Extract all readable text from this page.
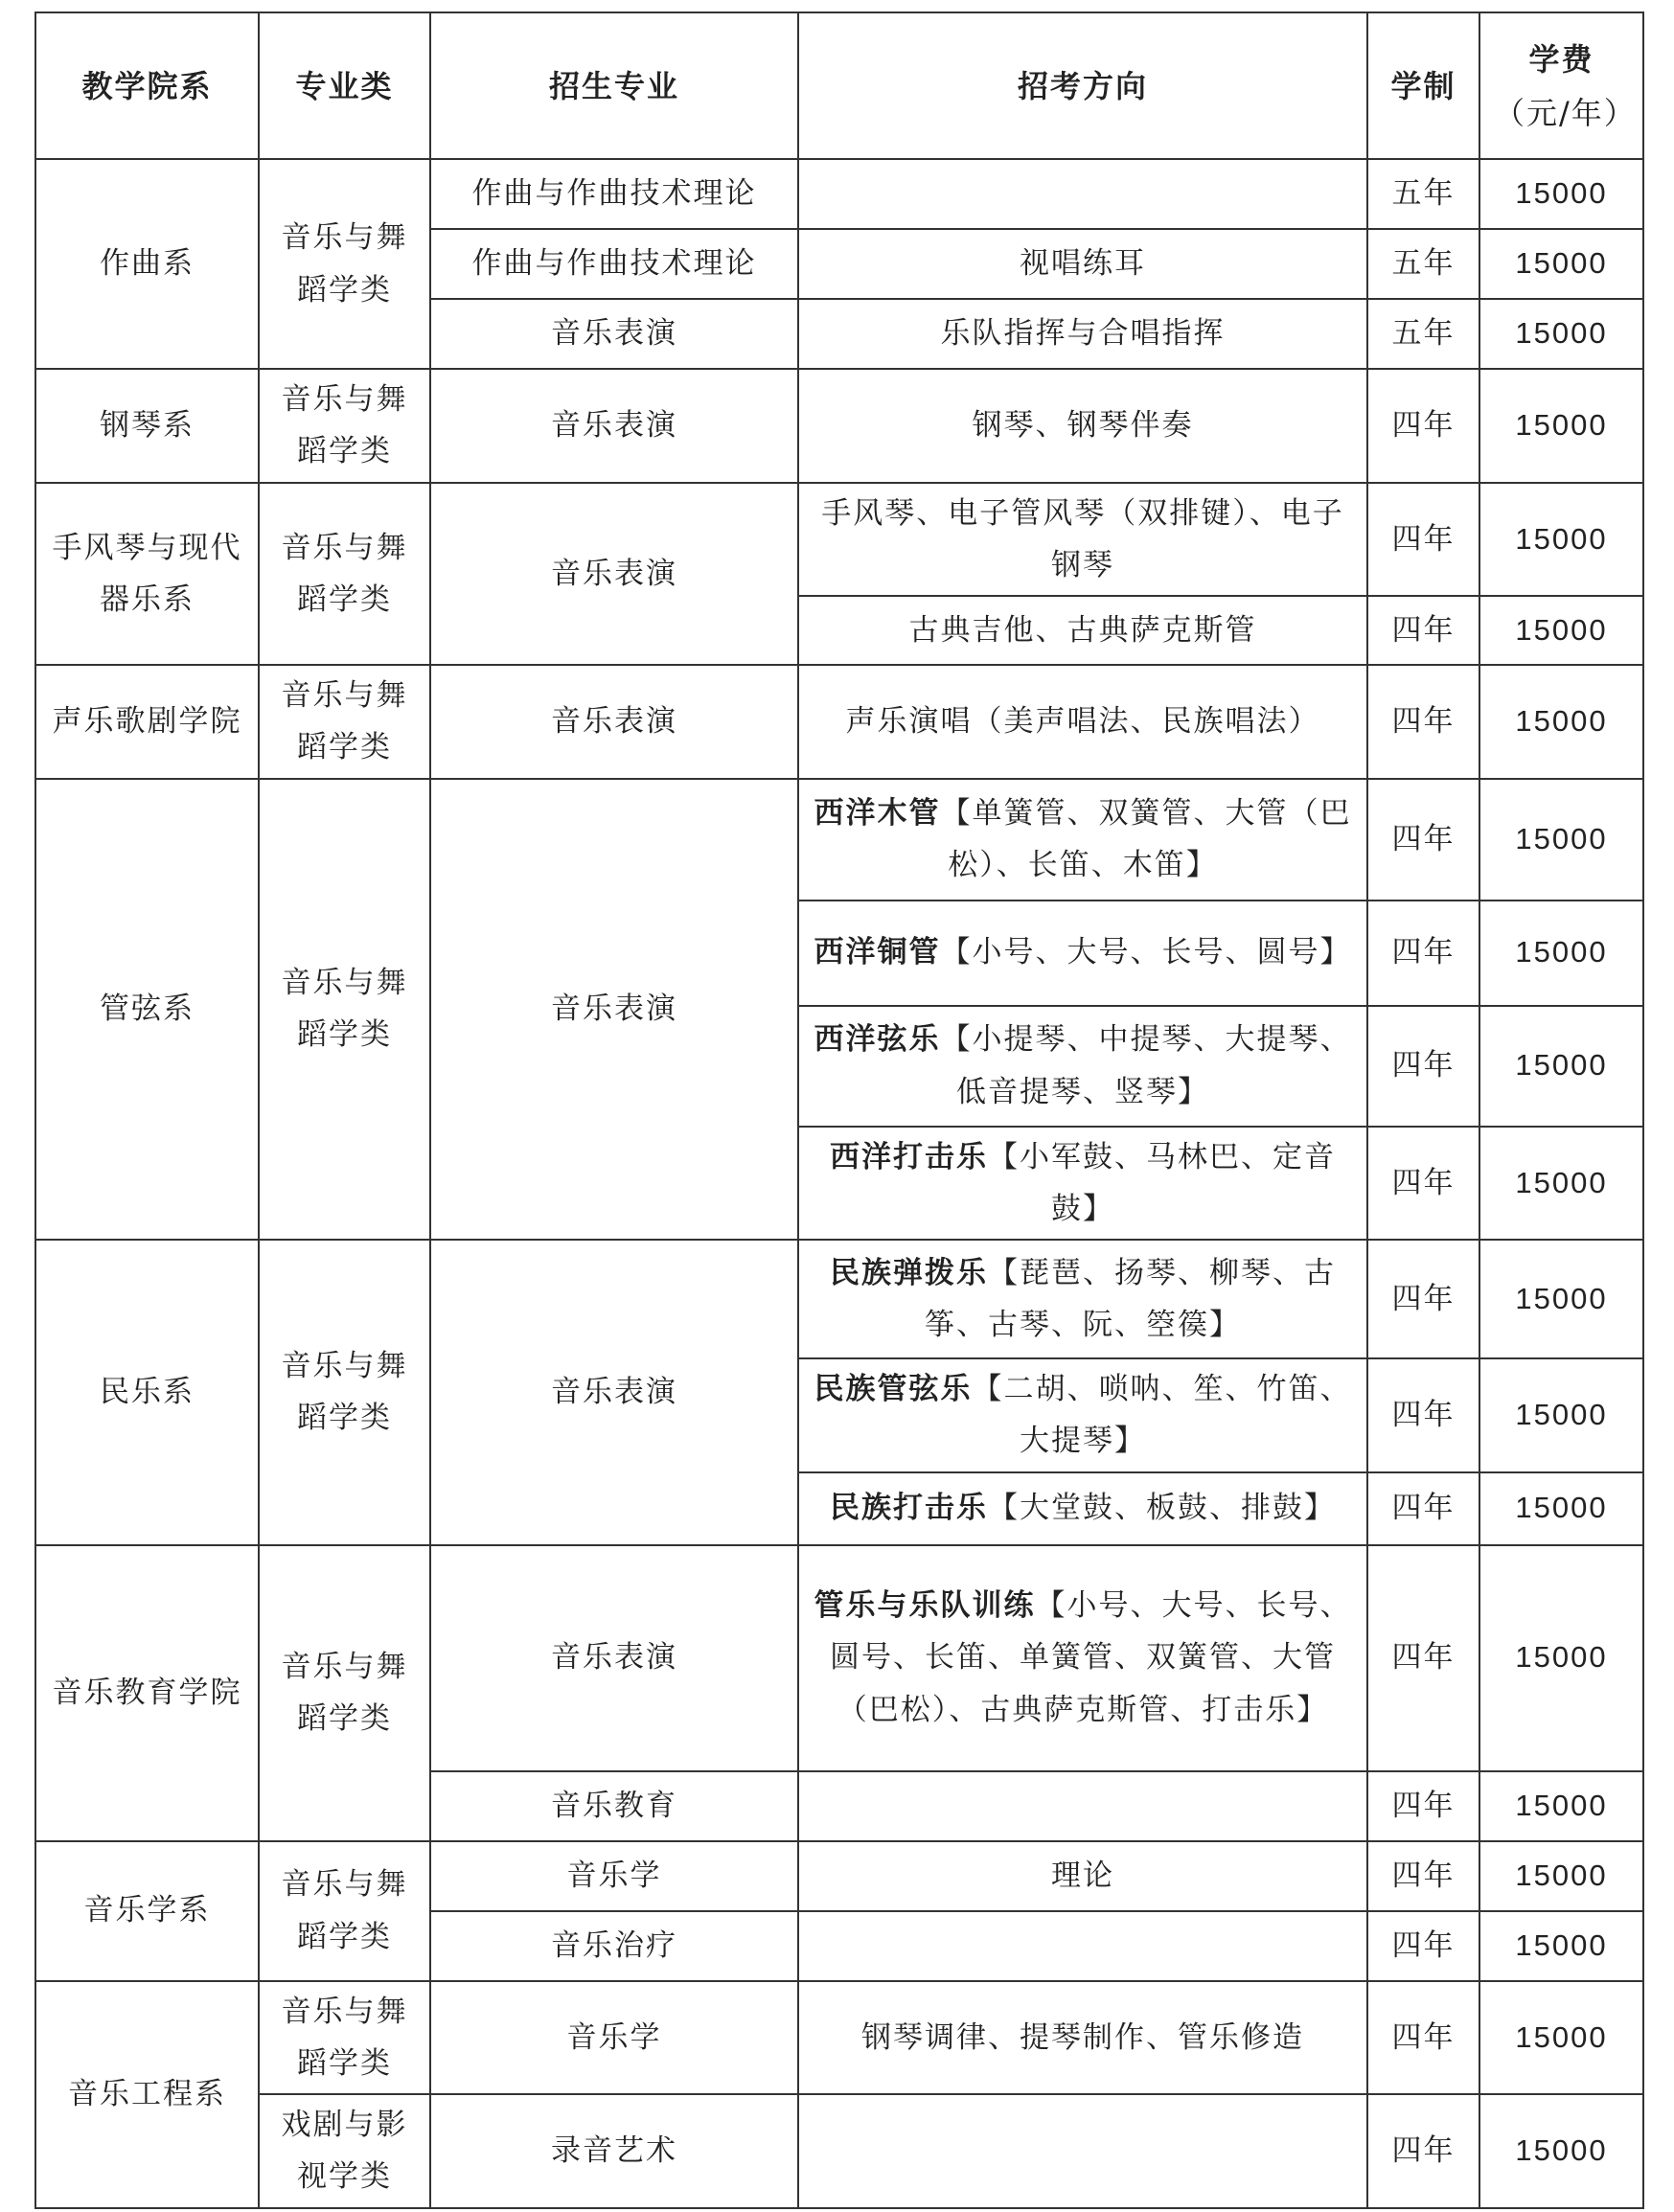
教学院系	专业类	招生专业	招考方向	学制	学费
（元/年）

作曲系	音乐与舞蹈学类	作曲与作曲技术理论		五年	15000
		作曲与作曲技术理论	视唱练耳	五年	15000
		音乐表演	乐队指挥与合唱指挥	五年	15000
钢琴系	音乐与舞蹈学类	音乐表演	钢琴、钢琴伴奏	四年	15000
手风琴与现代器乐系	音乐与舞蹈学类	音乐表演	手风琴、电子管风琴（双排键）、电子钢琴	四年	15000
			古典吉他、古典萨克斯管	四年	15000
声乐歌剧学院	音乐与舞蹈学类	音乐表演	声乐演唱（美声唱法、民族唱法）	四年	15000
管弦系	音乐与舞蹈学类	音乐表演	西洋木管【单簧管、双簧管、大管（巴松）、长笛、木笛】	四年	15000
			西洋铜管【小号、大号、长号、圆号】	四年	15000
			西洋弦乐【小提琴、中提琴、大提琴、低音提琴、竖琴】	四年	15000
			西洋打击乐【小军鼓、马林巴、定音鼓】	四年	15000
民乐系	音乐与舞蹈学类	音乐表演	民族弹拨乐【琵琶、扬琴、柳琴、古筝、古琴、阮、箜篌】	四年	15000
			民族管弦乐【二胡、唢呐、笙、竹笛、大提琴】	四年	15000
			民族打击乐【大堂鼓、板鼓、排鼓】	四年	15000
音乐教育学院	音乐与舞蹈学类	音乐表演	管乐与乐队训练【小号、大号、长号、圆号、长笛、单簧管、双簧管、大管（巴松）、古典萨克斯管、打击乐】	四年	15000
		音乐教育		四年	15000
音乐学系	音乐与舞蹈学类	音乐学	理论	四年	15000
		音乐治疗		四年	15000
音乐工程系	音乐与舞蹈学类	音乐学	钢琴调律、提琴制作、管乐修造	四年	15000
	戏剧与影视学类	录音艺术		四年	15000
